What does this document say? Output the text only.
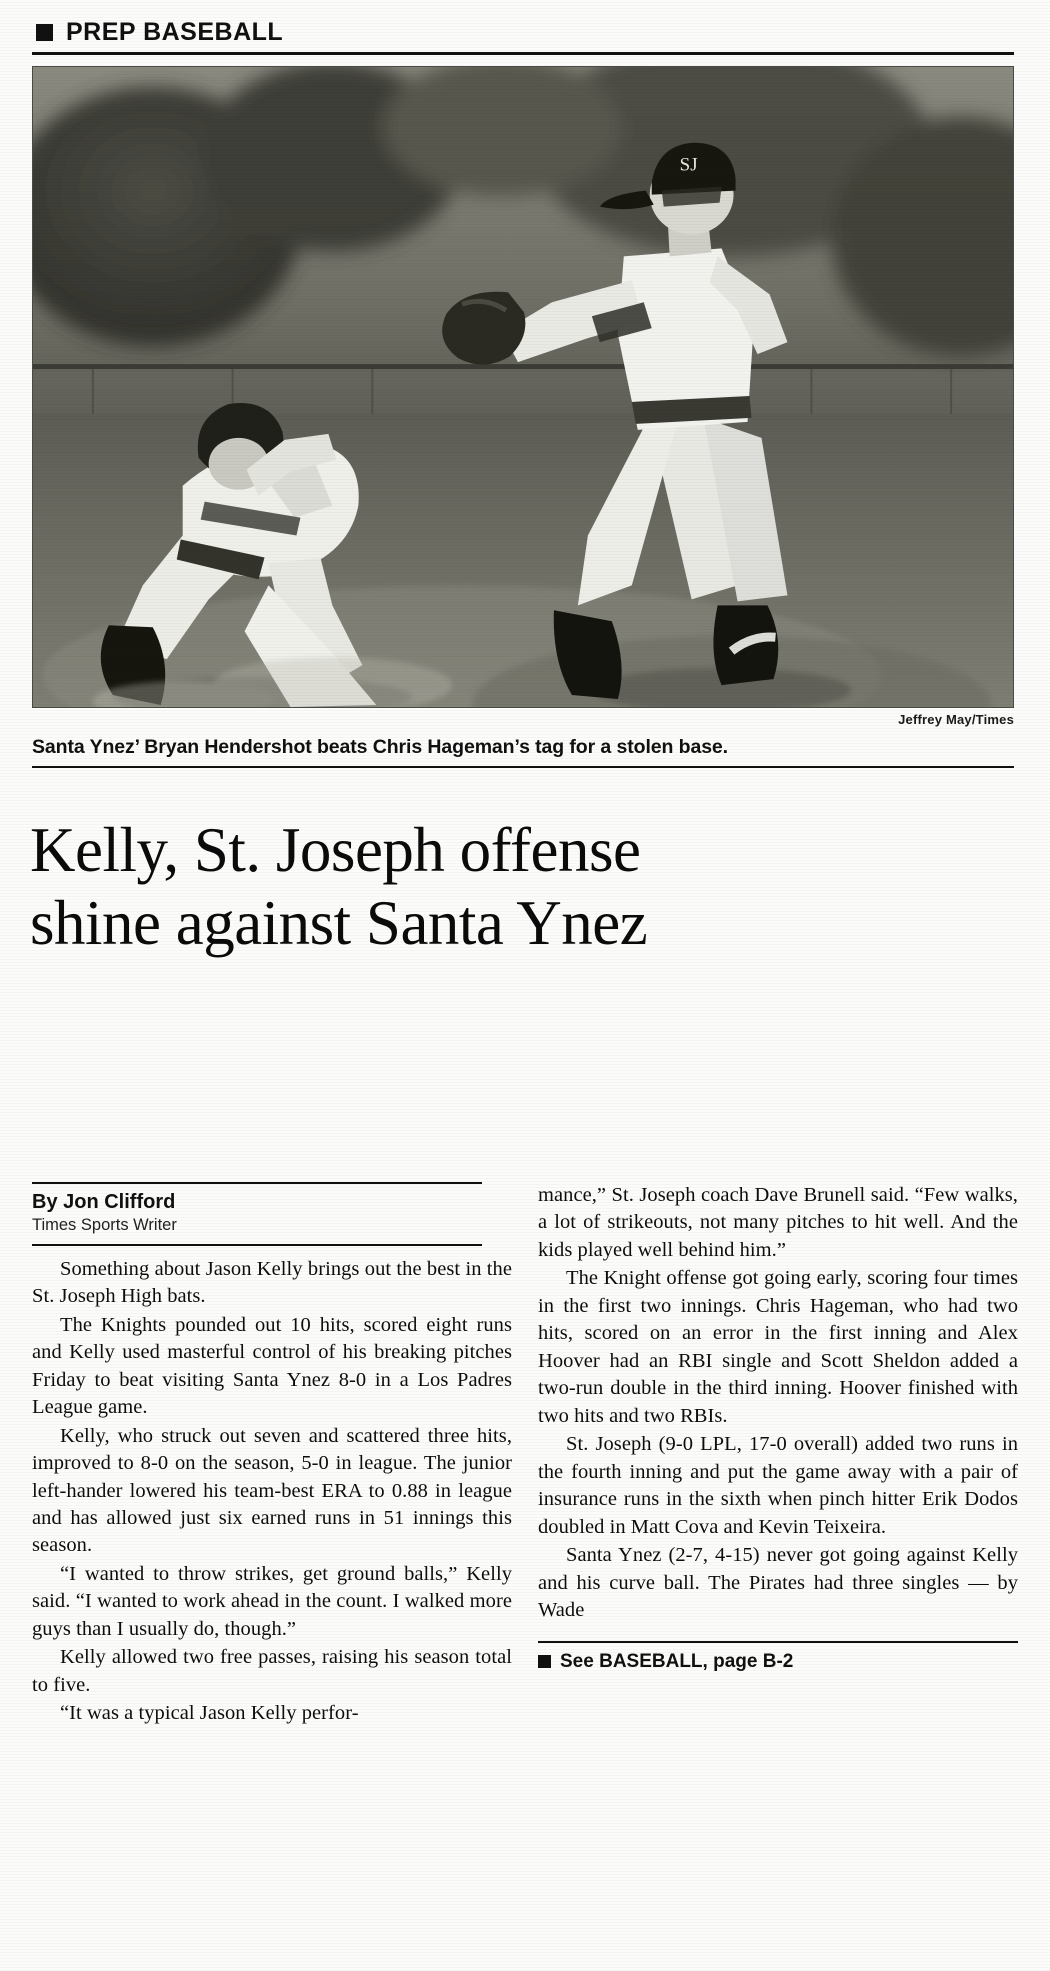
PREP BASEBALL
SJ
Jeffrey May/Times
Santa Ynez’ Bryan Hendershot beats Chris Hageman’s tag for a stolen base.
Kelly, St. Joseph offense
shine against Santa Ynez
By Jon Clifford
Times Sports Writer

Something about Jason Kelly brings out the best in the St. Joseph High bats.

The Knights pounded out 10 hits, scored eight runs and Kelly used masterful control of his breaking pitches Friday to beat visiting Santa Ynez 8-0 in a Los Padres League game.

Kelly, who struck out seven and scattered three hits, improved to 8-0 on the season, 5-0 in league. The junior left-hander lowered his team-best ERA to 0.88 in league and has allowed just six earned runs in 51 innings this season.

“I wanted to throw strikes, get ground balls,” Kelly said. “I wanted to work ahead in the count. I walked more guys than I usually do, though.”

Kelly allowed two free passes, raising his season total to five.

“It was a typical Jason Kelly perfor-

mance,” St. Joseph coach Dave Brunell said. “Few walks, a lot of strikeouts, not many pitches to hit well. And the kids played well behind him.”

The Knight offense got going early, scoring four times in the first two innings. Chris Hageman, who had two hits, scored on an error in the first inning and Alex Hoover had an RBI single and Scott Sheldon added a two-run double in the third inning. Hoover finished with two hits and two RBIs.

St. Joseph (9-0 LPL, 17-0 overall) added two runs in the fourth inning and put the game away with a pair of insurance runs in the sixth when pinch hitter Erik Dodos doubled in Matt Cova and Kevin Teixeira.

Santa Ynez (2-7, 4-15) never got going against Kelly and his curve ball. The Pirates had three singles — by Wade

See BASEBALL, page B-2
